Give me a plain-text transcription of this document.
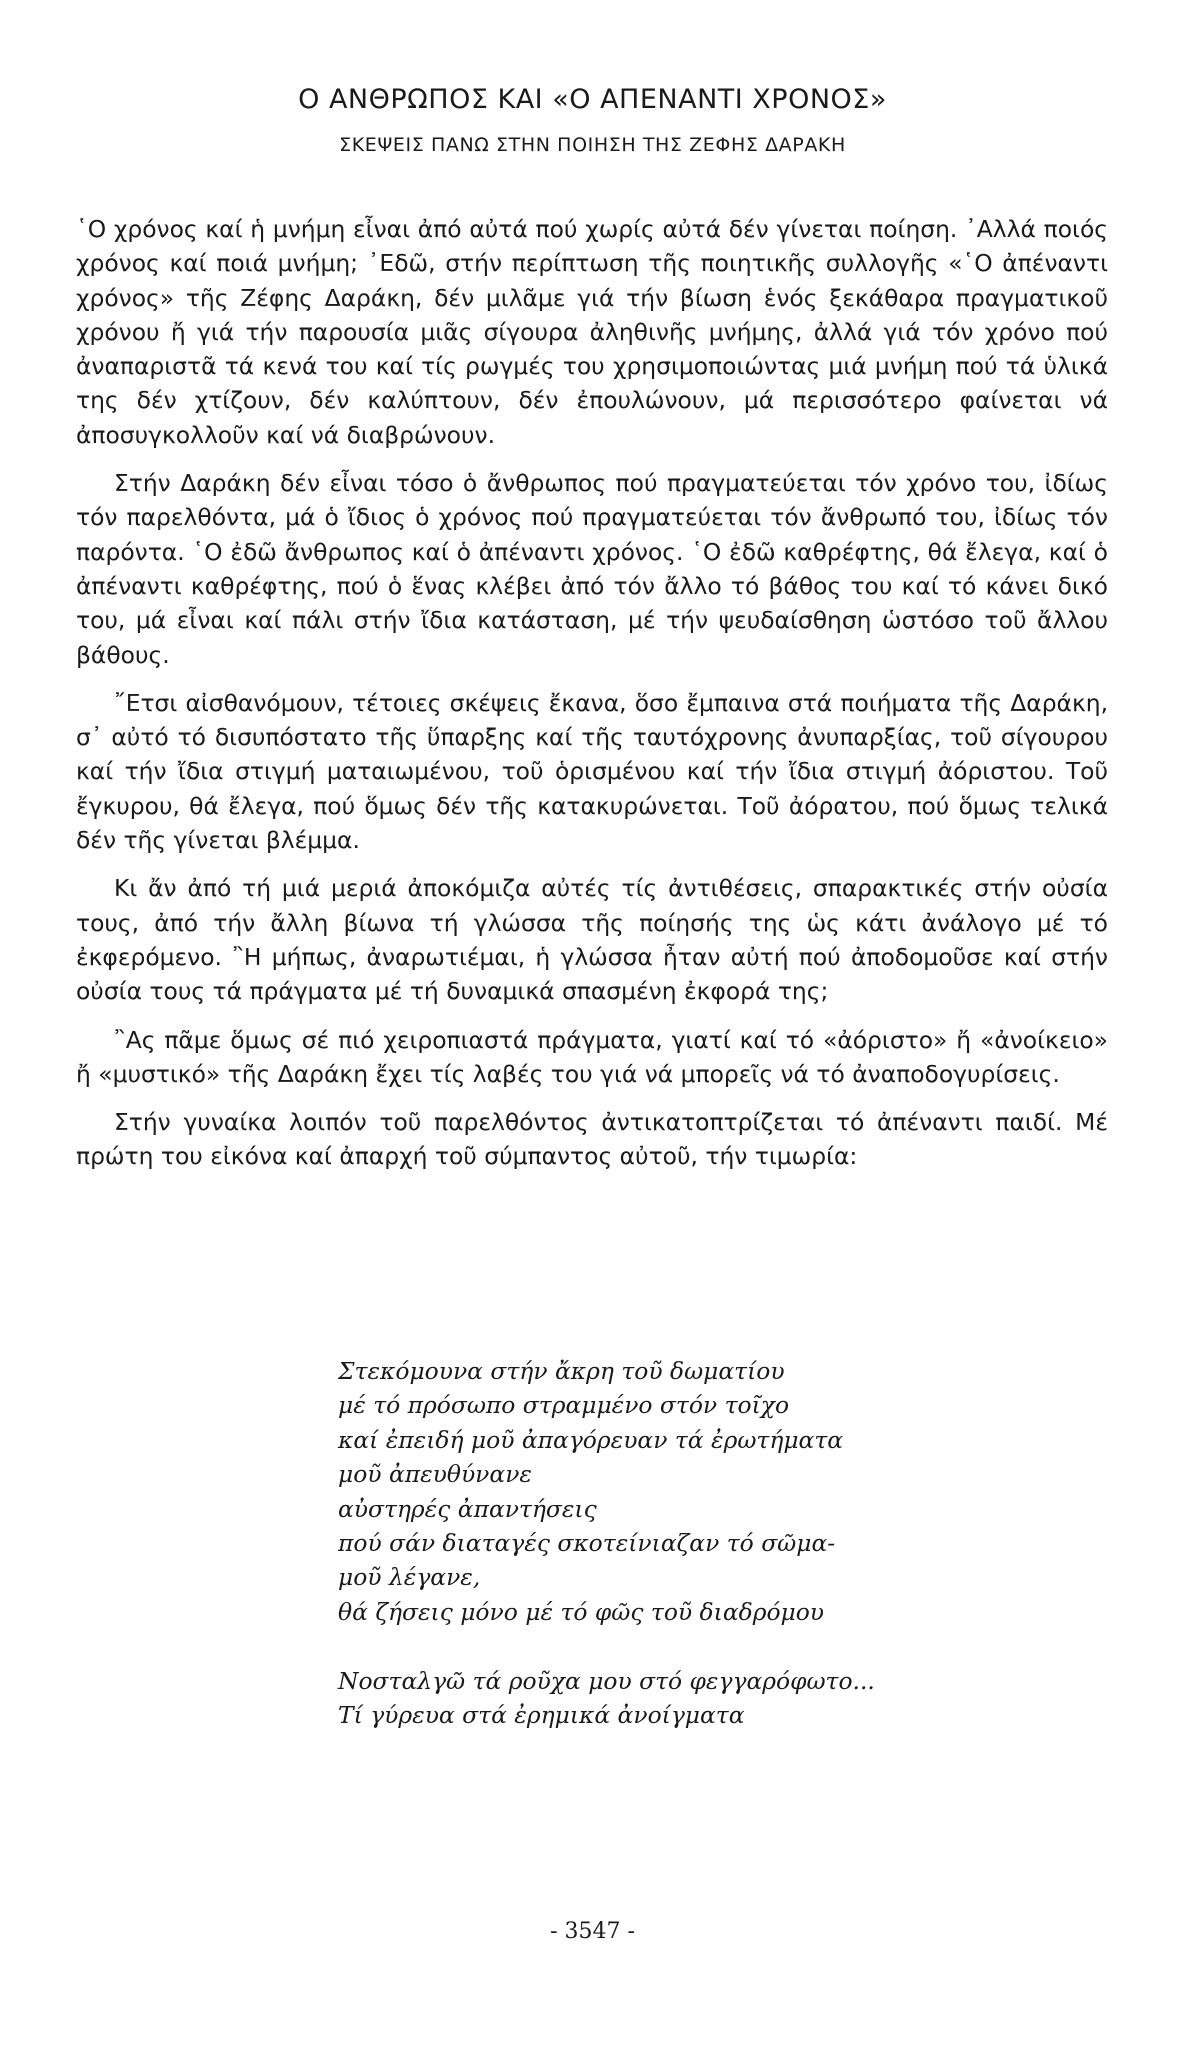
Ο ΑΝΘΡΩΠΟΣ ΚΑΙ «Ο ΑΠΕΝΑΝΤΙ ΧΡΟΝΟΣ»
ΣΚΕΨΕΙΣ ΠΑΝΩ ΣΤΗΝ ΠΟΙΗΣΗ ΤΗΣ ΖΕΦΗΣ ΔΑΡΑΚΗ

῾Ο χρόνος καί ἡ μνήμη εἶναι ἀπό αὐτά πού χωρίς αὐτά δέν γίνεται ποίηση. ᾿Αλλά ποιός χρόνος καί ποιά μνήμη; ᾿Εδῶ, στήν περίπτωση τῆς ποιητικῆς συλλογῆς «῾Ο ἀπέναντι χρόνος» τῆς Ζέφης Δαράκη, δέν μιλᾶμε γιά τήν βίωση ἑνός ξεκάθαρα πραγματικοῦ χρόνου ἤ γιά τήν παρουσία μιᾶς σίγουρα ἀληθινῆς μνήμης, ἀλλά γιά τόν χρόνο πού ἀναπαριστᾶ τά κενά του καί τίς ρωγμές του χρησιμοποιώντας μιά μνήμη πού τά ὑλικά της δέν χτίζουν, δέν καλύπτουν, δέν ἐπουλώνουν, μά περισσότερο φαίνεται νά ἀποσυγκολλοῦν καί νά διαβρώνουν.

Στήν Δαράκη δέν εἶναι τόσο ὁ ἄνθρωπος πού πραγματεύεται τόν χρόνο του, ἰδίως τόν παρελθόντα, μά ὁ ἴδιος ὁ χρόνος πού πραγματεύεται τόν ἄνθρωπό του, ἰδίως τόν παρόντα. ῾Ο ἐδῶ ἄνθρωπος καί ὁ ἀπέναντι χρόνος. ῾Ο ἐδῶ καθρέφτης, θά ἔλεγα, καί ὁ ἀπέναντι καθρέφτης, πού ὁ ἕνας κλέβει ἀπό τόν ἄλλο τό βάθος του καί τό κάνει δικό του, μά εἶναι καί πάλι στήν ἴδια κατάσταση, μέ τήν ψευδαίσθηση ὡστόσο τοῦ ἄλλου βάθους.

῎Ετσι αἰσθανόμουν, τέτοιες σκέψεις ἔκανα, ὅσο ἔμπαινα στά ποιήματα τῆς Δαράκη, σ᾿ αὐτό τό δισυπόστατο τῆς ὕπαρξης καί τῆς ταυτόχρονης ἀνυπαρξίας, τοῦ σίγουρου καί τήν ἴδια στιγμή ματαιωμένου, τοῦ ὁρισμένου καί τήν ἴδια στιγμή ἀόριστου. Τοῦ ἔγκυρου, θά ἔλεγα, πού ὅμως δέν τῆς κατακυρώνεται. Τοῦ ἀόρατου, πού ὅμως τελικά δέν τῆς γίνεται βλέμμα.

Κι ἄν ἀπό τή μιά μεριά ἀποκόμιζα αὐτές τίς ἀντιθέσεις, σπαρακτικές στήν οὐσία τους, ἀπό τήν ἄλλη βίωνα τή γλώσσα τῆς ποίησής της ὡς κάτι ἀνάλογο μέ τό ἐκφερόμενο. ῍Η μήπως, ἀναρωτιέμαι, ἡ γλώσσα ἦταν αὐτή πού ἀποδομοῦσε καί στήν οὐσία τους τά πράγματα μέ τή δυναμικά σπασμένη ἐκφορά της;

῍Ας πᾶμε ὅμως σέ πιό χειροπιαστά πράγματα, γιατί καί τό «ἀόριστο» ἤ «ἀνοίκειο» ἤ «μυστικό» τῆς Δαράκη ἔχει τίς λαβές του γιά νά μπορεῖς νά τό ἀναποδογυρίσεις.

Στήν γυναίκα λοιπόν τοῦ παρελθόντος ἀντικατοπτρίζεται τό ἀπέναντι παιδί. Μέ πρώτη του εἰκόνα καί ἀπαρχή τοῦ σύμπαντος αὐτοῦ, τήν τιμωρία:

Στεκόμουνα στήν ἄκρη τοῦ δωματίου
μέ τό πρόσωπο στραμμένο στόν τοῖχο
καί ἐπειδή μοῦ ἀπαγόρευαν τά ἐρωτήματα
μοῦ ἀπευθύνανε
αὐστηρές ἀπαντήσεις
πού σάν διαταγές σκοτείνιαζαν τό σῶμα-
μοῦ λέγανε,
θά ζήσεις μόνο μέ τό φῶς τοῦ διαδρόμου
Νοσταλγῶ τά ροῦχα μου στό φεγγαρόφωτο...
Τί γύρευα στά ἐρημικά ἀνοίγματα
- 3547 -
